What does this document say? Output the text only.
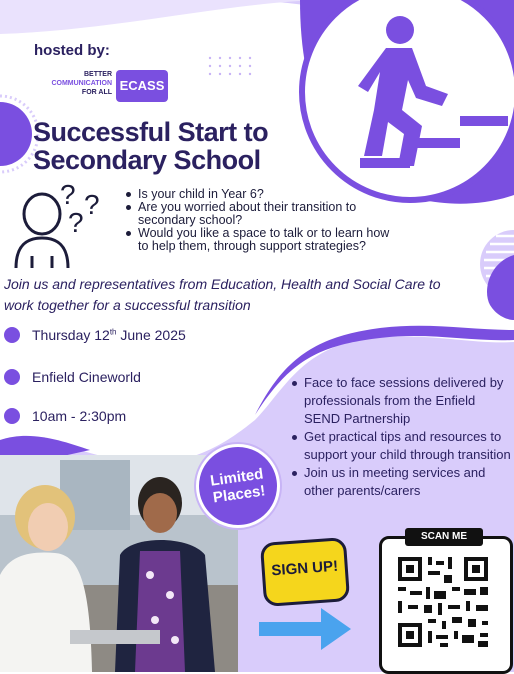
hosted by:
BETTER
COMMUNICATION
FOR ALL ECASS
Successful Start to
Secondary School
? ?
?
Is your child in Year 6?
Are you worried about their transition to secondary school?
Would you like a space to talk or to learn how to help them, through support strategies?
Join us and representatives from Education, Health and Social Care to work together for a successful transition
Thursday 12th June 2025
Enfield Cineworld
10am - 2:30pm
Face to face sessions delivered by professionals from the Enfield SEND Partnership
Get practical tips and resources to support your child through transition
Join us in meeting services and other parents/carers
Limited
Places!
SIGN UP!
SCAN ME
